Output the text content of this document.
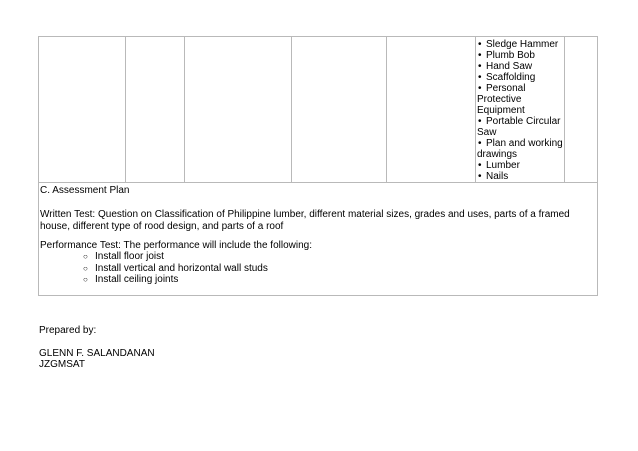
• Sledge Hammer
• Plumb Bob
• Hand Saw
• Scaffolding
• Personal
Protective
Equipment
• Portable Circular
Saw
• Plan and working
drawings
• Lumber
• Nails
C. Assessment Plan
Written Test: Question on Classification of Philippine lumber, different material sizes, grades and uses, parts of a framed house, different type of rood design, and parts of a roof
Performance Test: The performance will include the following:
○ Install floor joist
○ Install vertical and horizontal wall studs
○ Install ceiling joints
Prepared by:
GLENN F. SALANDANAN
JZGMSAT
